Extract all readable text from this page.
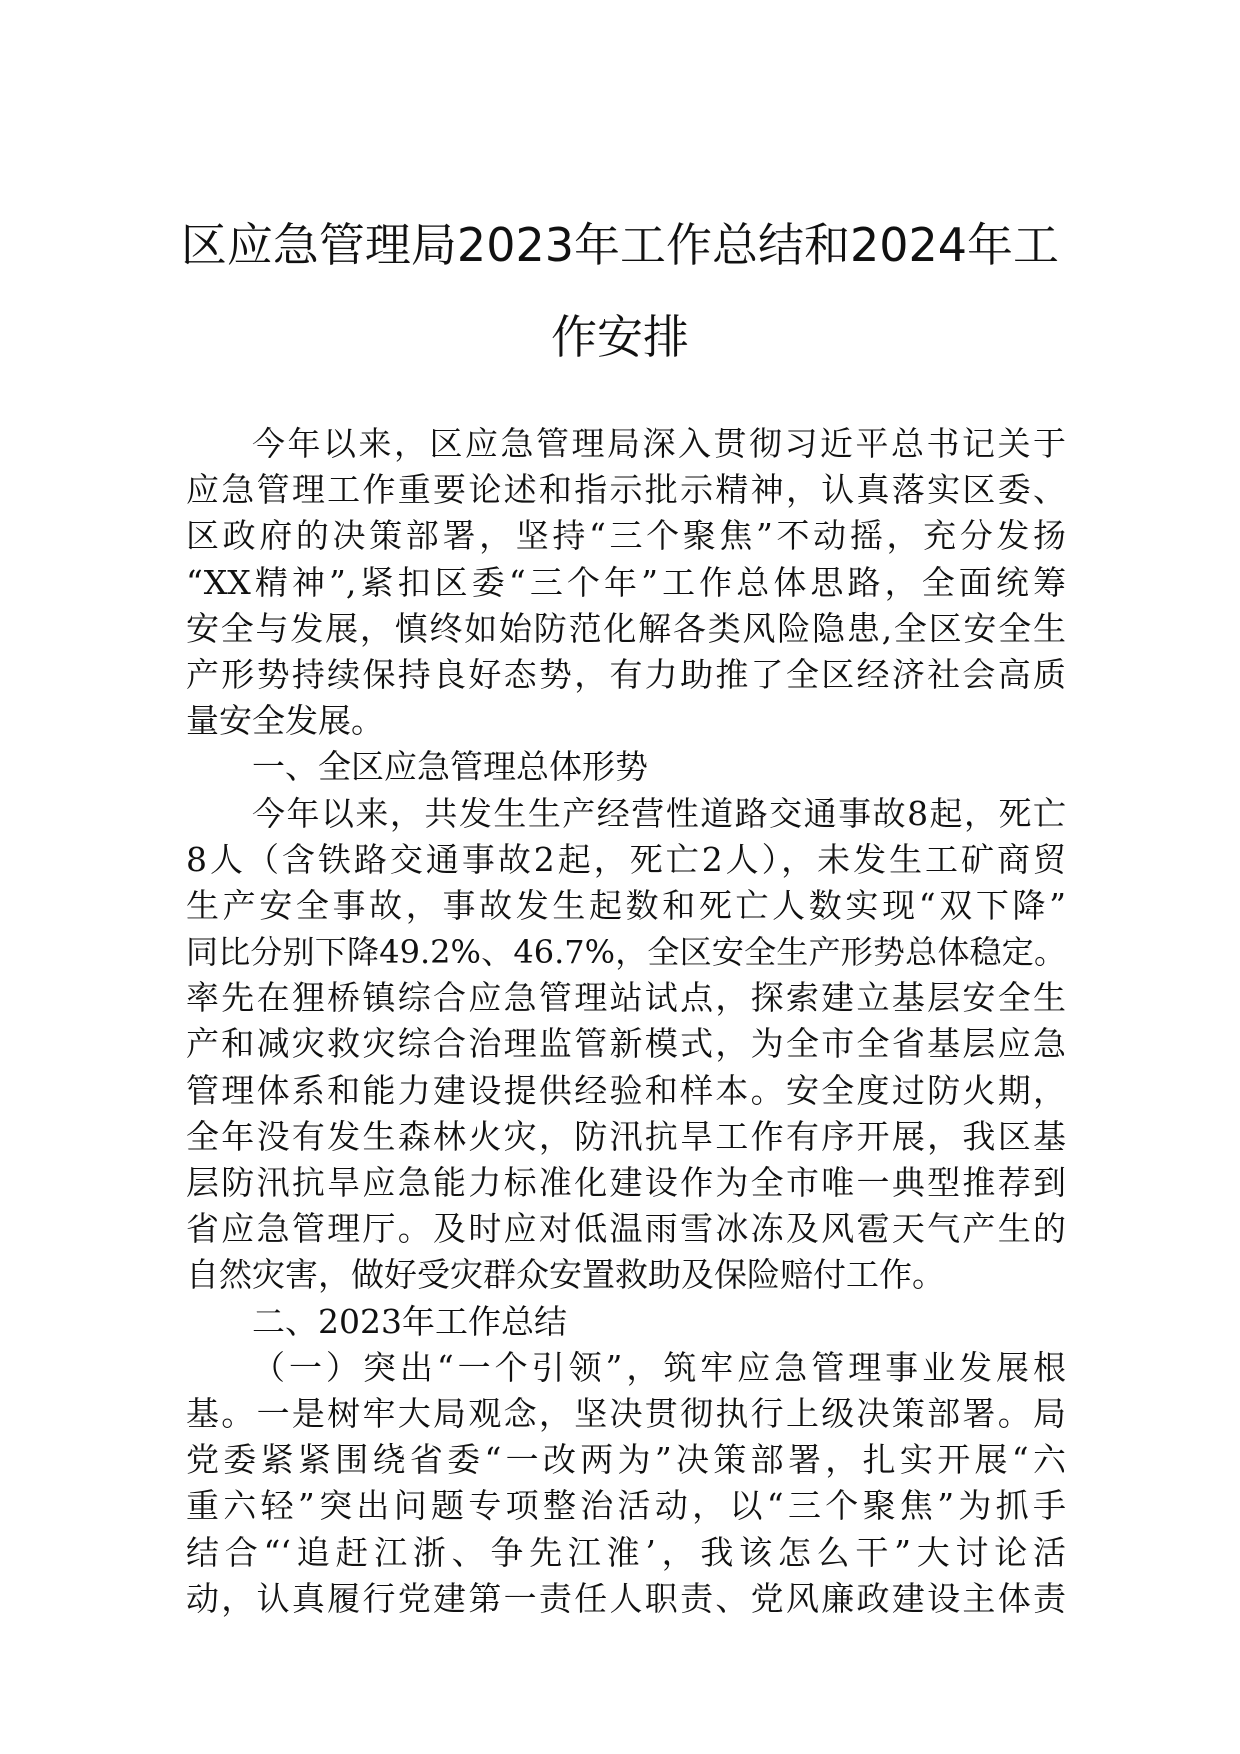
区应急管理局2023年工作总结和2024年工
作安排
今年以来，区应急管理局深入贯彻习近平总书记关于
应急管理工作重要论述和指示批示精神，认真落实区委、
区政府的决策部署，坚持“三个聚焦”不动摇，充分发扬
“XX精神”,紧扣区委“三个年”工作总体思路，全面统筹
安全与发展，慎终如始防范化解各类风险隐患,全区安全生
产形势持续保持良好态势，有力助推了全区经济社会高质
量安全发展。
一、全区应急管理总体形势
今年以来，共发生生产经营性道路交通事故8起，死亡
8人（含铁路交通事故2起，死亡2人），未发生工矿商贸
生产安全事故，事故发生起数和死亡人数实现“双下降”
同比分别下降49.2%、46.7%，全区安全生产形势总体稳定。
率先在狸桥镇综合应急管理站试点，探索建立基层安全生
产和减灾救灾综合治理监管新模式，为全市全省基层应急
管理体系和能力建设提供经验和样本。安全度过防火期，
全年没有发生森林火灾，防汛抗旱工作有序开展，我区基
层防汛抗旱应急能力标准化建设作为全市唯一典型推荐到
省应急管理厅。及时应对低温雨雪冰冻及风雹天气产生的
自然灾害，做好受灾群众安置救助及保险赔付工作。
二、2023年工作总结
（一）突出“一个引领”，筑牢应急管理事业发展根
基。一是树牢大局观念，坚决贯彻执行上级决策部署。局
党委紧紧围绕省委“一改两为”决策部署，扎实开展“六
重六轻”突出问题专项整治活动，以“三个聚焦”为抓手
结合“‘追赶江浙、争先江淮’，我该怎么干”大讨论活
动，认真履行党建第一责任人职责、党风廉政建设主体责
